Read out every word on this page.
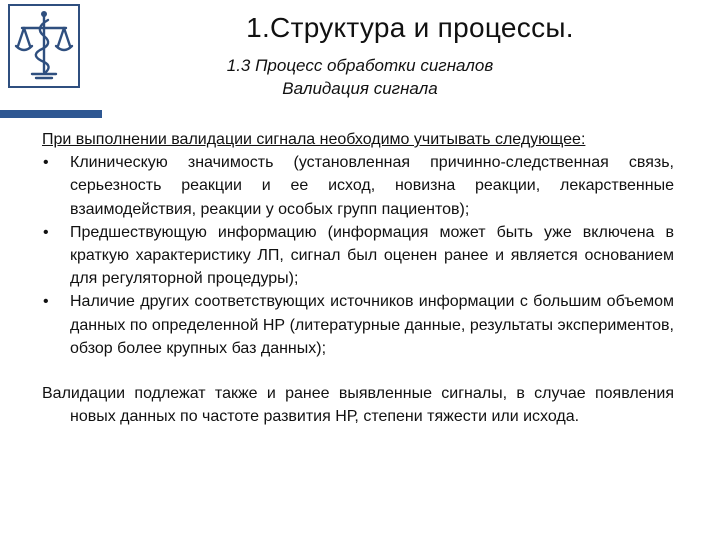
1.Структура и процессы.
1.3 Процесс обработки сигналов
Валидация сигнала

При выполнении валидации сигнала необходимо учитывать следующее:

• Клиническую значимость (установленная причинно-следственная связь, серьезность реакции и ее исход, новизна реакции, лекарственные взаимодействия, реакции у особых групп пациентов);
• Предшествующую информацию (информация может быть уже включена в краткую характеристику ЛП, сигнал был оценен ранее и является основанием для регуляторной процедуры);
• Наличие других соответствующих источников информации с большим объемом данных по определенной НР (литературные данные, результаты экспериментов, обзор более крупных баз данных);

Валидации подлежат также и ранее выявленные сигналы, в случае появления новых данных по частоте развития НР, степени тяжести или исхода.
